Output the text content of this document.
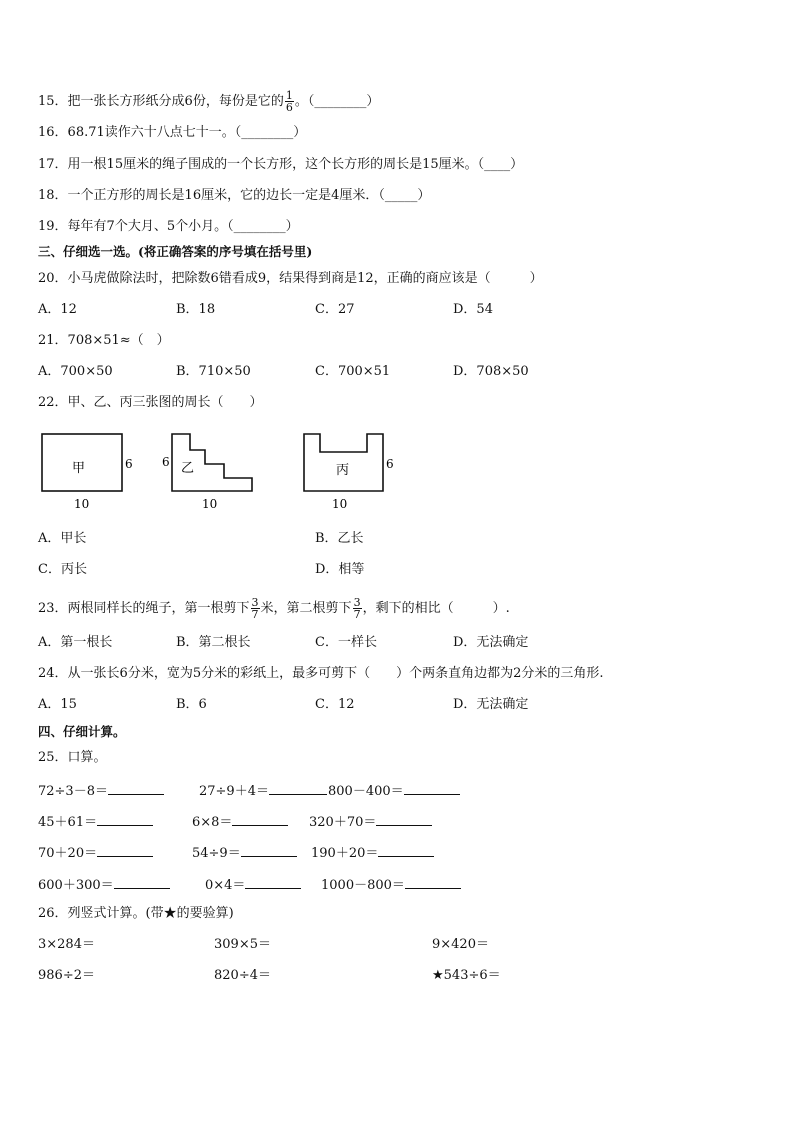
15．把一张长方形纸分成6份，每份是它的 $\frac{1}{6}$ 。（________）
16．68.71读作六十八点七十一。（________）
17．用一根15厘米的绳子围成的一个长方形，这个长方形的周长是15厘米。（____）
18．一个正方形的周长是16厘米，它的边长一定是4厘米．（_____）
19．每年有7个大月、5个小月。（________）
三、仔细选一选。(将正确答案的序号填在括号里)
20．小马虎做除法时，把除数6错看成9，结果得到商是12，正确的商应该是（　　　）
A．12	B．18	C．27	D．54
21．708×51≈（　）
A．700×50	B．710×50	C．700×51	D．708×50
22．甲、乙、丙三张图的周长（　　）
甲	6
10
乙
6
10
丙	6
10
A．甲长	B．乙长
C．丙长	D．相等
23．两根同样长的绳子，第一根剪下 $\frac{3}{7}$ 米，第二根剪下 $\frac{3}{7}$ ，剩下的相比（　　　）.
A．第一根长	B．第二根长	C．一样长	D．无法确定
24．从一张长6分米，宽为5分米的彩纸上，最多可剪下（　　）个两条直角边都为2分米的三角形.
A．15	B．6	C．12	D．无法确定
四、仔细计算。
25．口算。
72÷3－8＝	27÷9＋4＝	800－400＝
45＋61＝	6×8＝	320＋70＝
70＋20＝	54÷9＝	190＋20＝
600＋300＝	0×4＝	1000－800＝
26．列竖式计算。(带★的要验算)
3×284＝	309×5＝	9×420＝
986÷2＝	820÷4＝	★543÷6＝
